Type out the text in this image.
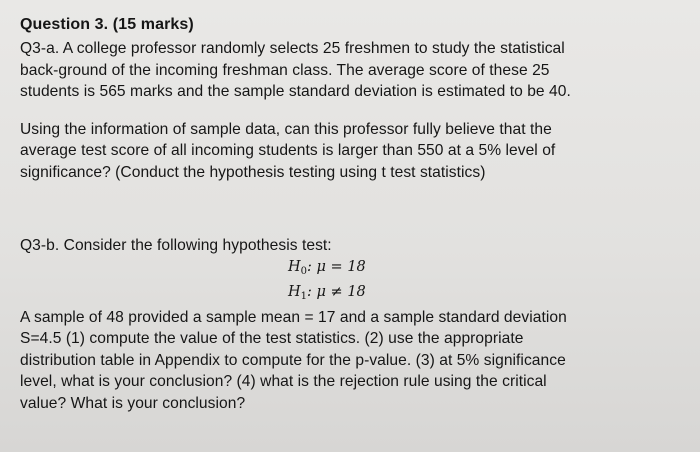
Question 3. (15 marks)

Q3-a. A college professor randomly selects 25 freshmen to study the statistical
back-ground of the incoming freshman class. The average score of these 25
students is 565 marks and the sample standard deviation is estimated to be 40.
Using the information of sample data, can this professor fully believe that the
average test score of all incoming students is larger than 550 at a 5% level of
significance? (Conduct the hypothesis testing using t test statistics)
Q3-b. Consider the following hypothesis test:
$H_0$: μ = 18
$H_1$: μ ≠ 18
A sample of 48 provided a sample mean = 17 and a sample standard deviation
S=4.5 (1) compute the value of the test statistics. (2) use the appropriate
distribution table in Appendix to compute for the p-value. (3) at 5% significance
level, what is your conclusion? (4) what is the rejection rule using the critical
value? What is your conclusion?
